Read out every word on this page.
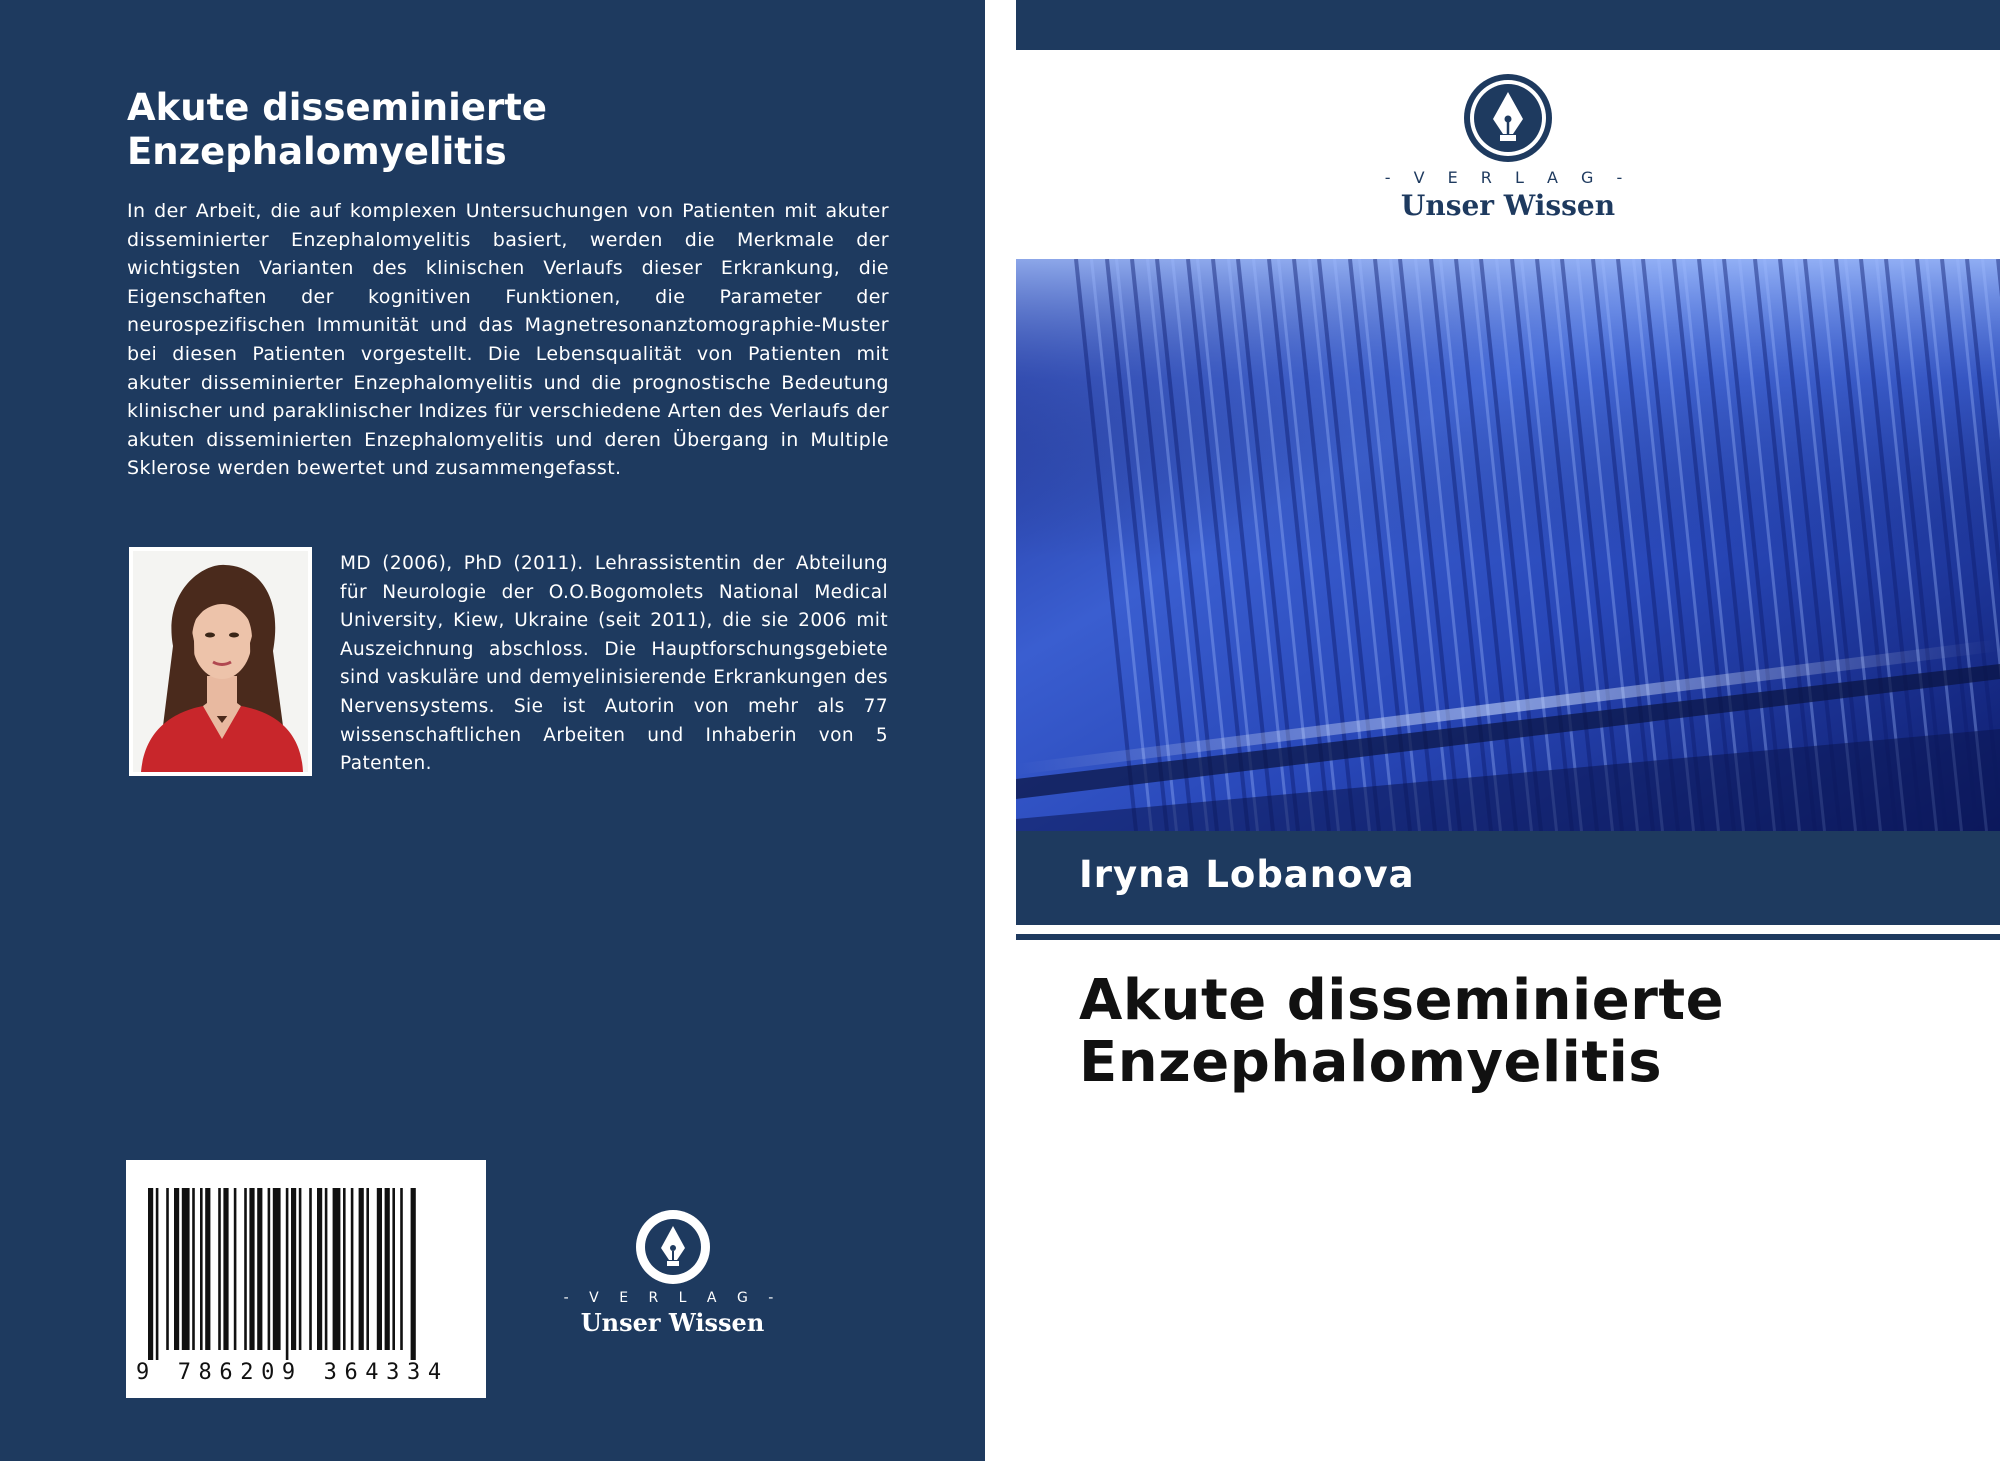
Akute disseminierte
Enzephalomyelitis

In der Arbeit, die auf komplexen Untersuchungen von Patienten mit akuter disseminierter Enzephalomyelitis basiert, werden die Merkmale der wichtigsten Varianten des klinischen Verlaufs dieser Erkrankung, die Eigenschaften der kognitiven Funktionen, die Parameter der neurospezifischen Immunität und das Magnetresonanztomographie-Muster bei diesen Patienten vorgestellt. Die Lebensqualität von Patienten mit akuter disseminierter Enzephalomyelitis und die prognostische Bedeutung klinischer und paraklinischer Indizes für verschiedene Arten des Verlaufs der akuten disseminierten Enzephalomyelitis und deren Übergang in Multiple Sklerose werden bewertet und zusammengefasst.

MD (2006), PhD (2011). Lehrassistentin der Abteilung für Neurologie der O.O.Bogomolets National Medical University, Kiew, Ukraine (seit 2011), die sie 2006 mit Auszeichnung abschloss. Die Hauptforschungsgebiete sind vaskuläre und demyelinisierende Erkrankungen des Nervensystems. Sie ist Autorin von mehr als 77 wissenschaftlichen Arbeiten und Inhaberin von 5 Patenten.

9 786209 364334
- V E R L A G -
Unser Wissen
- V E R L A G -
Unser Wissen
Iryna Lobanova
Akute disseminierte
Enzephalomyelitis
